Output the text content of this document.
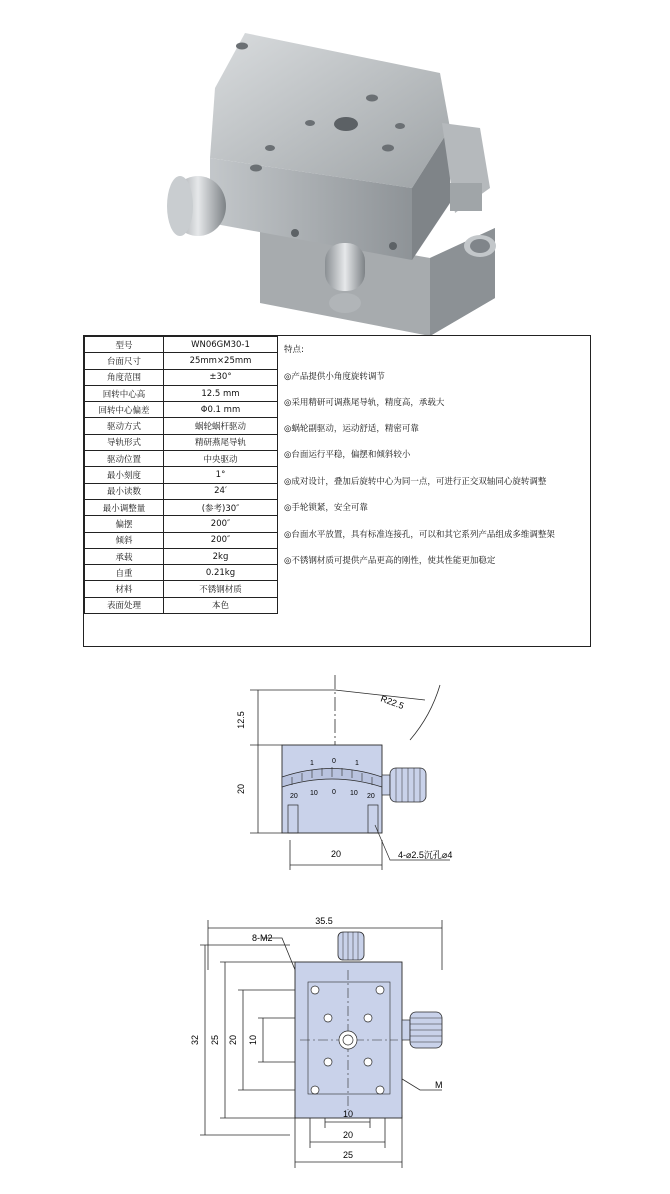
型号	WN06GM30-1
台面尺寸	25mm×25mm
角度范围	±30°
回转中心高	12.5 mm
回转中心偏差	Φ0.1 mm
驱动方式	蜗轮蜗杆驱动
导轨形式	精研燕尾导轨
驱动位置	中央驱动
最小刻度	1°
最小读数	24′
最小调整量	(参考)30″
偏摆	200″
倾斜	200″
承载	2kg
自重	0.21kg
材料	不锈钢材质
表面处理	本色
特点:
◎产品提供小角度旋转调节
◎采用精研可调燕尾导轨，精度高，承载大
◎蜗轮副驱动，运动舒适，精密可靠
◎台面运行平稳，偏摆和倾斜较小
◎成对设计，叠加后旋转中心为同一点，可进行正交双轴同心旋转调整
◎手轮锁紧，安全可靠
◎台面水平放置，具有标准连接孔，可以和其它系列产品组成多维调整架
◎不锈钢材质可提供产品更高的刚性，使其性能更加稳定
12.5
20
20
R22.5
4-⌀2.5沉孔⌀4
1	0	1
20 10 0 10 20
35.5
8-M2
32 25 20 10
M
10
20
25
